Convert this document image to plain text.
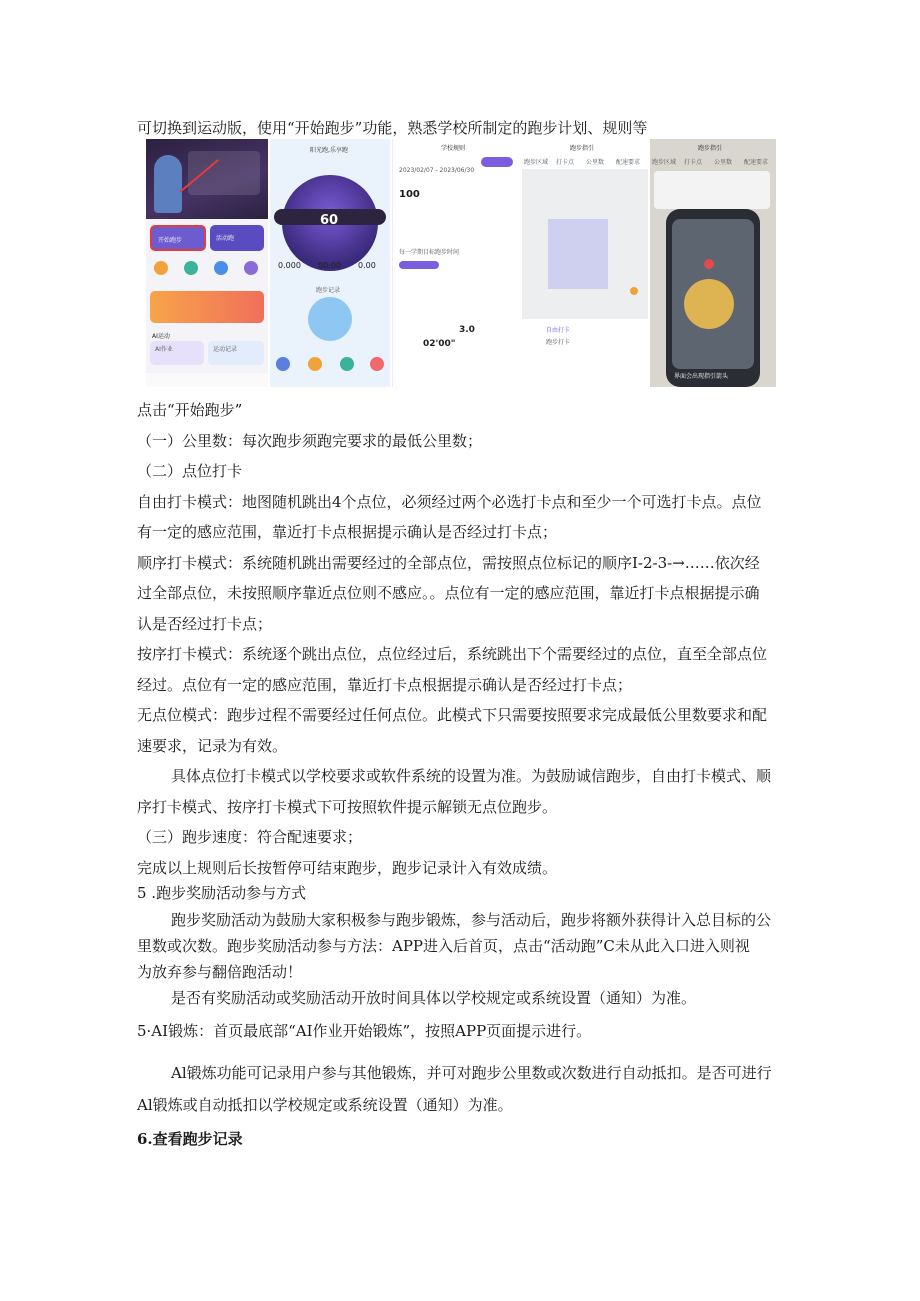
开始跑步	活动跑
AI运动
AI作业	运动记录
阳光跑,乐享跑
60
0.000 00:00 0.00
跑步记录
学校规则
2023/02/07 - 2023/06/30
100
每一学期目标跑步时间
3.0
02'00"
跑步指引
跑步区域 打卡点 公里数 配速要求
自由打卡
跑步打卡
跑步指引
跑步区域 打卡点 公里数 配速要求
界面会出现指引箭头
可切换到运动版，使用“开始跑步”功能，熟悉学校所制定的跑步计划、规则等
点击“开始跑步”
（一）公里数：每次跑步须跑完要求的最低公里数；
（二）点位打卡
自由打卡模式：地图随机跳出4个点位，必须经过两个必选打卡点和至少一个可选打卡点。点位
有一定的感应范围，靠近打卡点根据提示确认是否经过打卡点；
顺序打卡模式：系统随机跳出需要经过的全部点位，需按照点位标记的顺序I-2-3-→……依次经
过全部点位，未按照顺序靠近点位则不感应。。点位有一定的感应范围，靠近打卡点根据提示确
认是否经过打卡点；
按序打卡模式：系统逐个跳出点位，点位经过后，系统跳出下个需要经过的点位，直至全部点位
经过。点位有一定的感应范围，靠近打卡点根据提示确认是否经过打卡点；
无点位模式：跑步过程不需要经过任何点位。此模式下只需要按照要求完成最低公里数要求和配
速要求，记录为有效。
具体点位打卡模式以学校要求或软件系统的设置为准。为鼓励诚信跑步，自由打卡模式、顺
序打卡模式、按序打卡模式下可按照软件提示解锁无点位跑步。
（三）跑步速度：符合配速要求；
完成以上规则后长按暂停可结束跑步，跑步记录计入有效成绩。
5 .跑步奖励活动参与方式
跑步奖励活动为鼓励大家积极参与跑步锻炼，参与活动后，跑步将额外获得计入总目标的公
里数或次数。跑步奖励活动参与方法：APP进入后首页，点击“活动跑”C未从此入口进入则视
为放弃参与翻倍跑活动！
是否有奖励活动或奖励活动开放时间具体以学校规定或系统设置（通知）为准。
5·AI锻炼：首页最底部“AI作业开始锻炼”，按照APP页面提示进行。
Al锻炼功能可记录用户参与其他锻炼，并可对跑步公里数或次数进行自动抵扣。是否可进行
Al锻炼或自动抵扣以学校规定或系统设置（通知）为准。
6.查看跑步记录
